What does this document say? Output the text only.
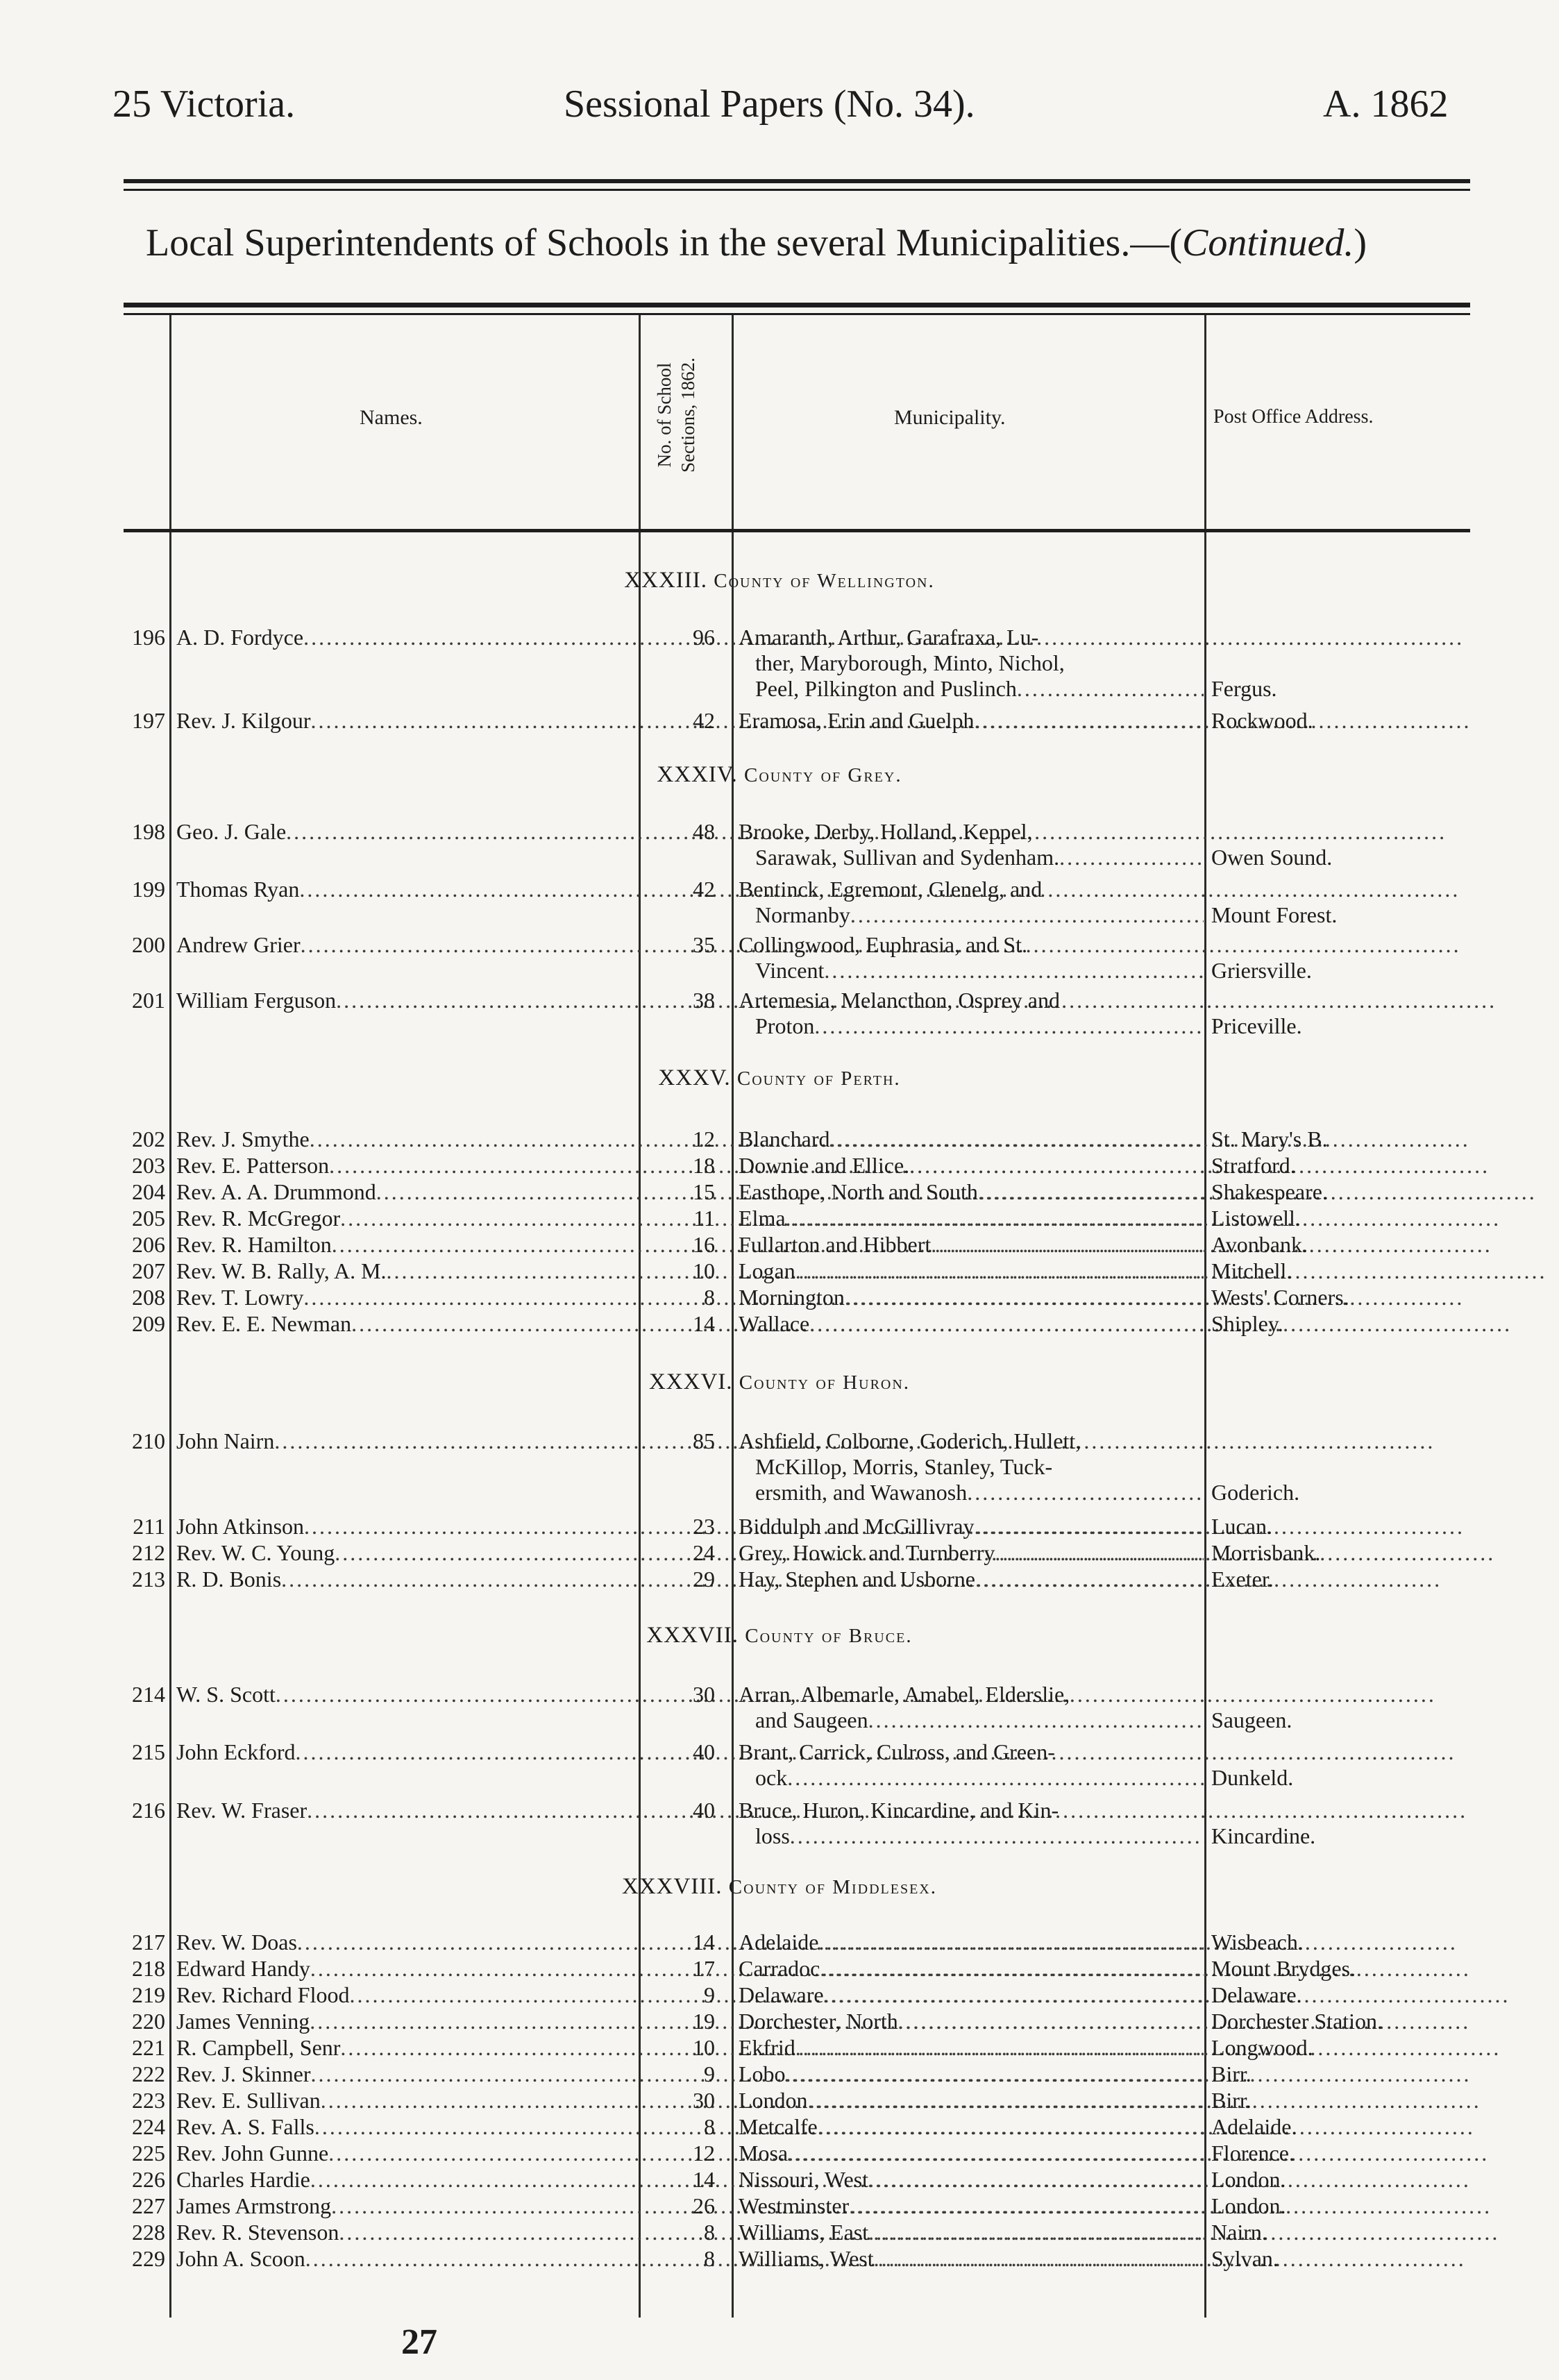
25 Victoria.	Sessional Papers (No. 34).	A. 1862
Local Superintendents of Schools in the several Municipalities.—(Continued.)
Names.	No. of School Sections, 1862.	Municipality.	Post Office Address.
XXXIII. County of Wellington.
196 A. D. Fordyce .....	96 Amaranth, Arthur, Garafraxa, Lu-
ther, Maryborough, Minto, Nichol,
Peel, Pilkington and Puslinch .....	Fergus.
197 Rev. J. Kilgour .....	42 Eramosa, Erin and Guelph .....	Rockwood.
XXXIV. County of Grey.
198 Geo. J. Gale .....	48 Brooke, Derby, Holland, Keppel,
Sarawak, Sullivan and Sydenham. .....	Owen Sound.
199 Thomas Ryan .....	42 Bentinck, Egremont, Glenelg, and
Normanby .....	Mount Forest.
200 Andrew Grier .....	35 Collingwood, Euphrasia, and St.
Vincent .....	Griersville.
201 William Ferguson .....	38 Artemesia, Melancthon, Osprey and
Proton .....	Priceville.
XXXV. County of Perth.
202 Rev. J. Smythe .....	12 Blanchard .....	St. Mary's B.
203 Rev. E. Patterson .....	18 Downie and Ellice. .....	Stratford.
204 Rev. A. A. Drummond .....	15 Easthope, North and South .....	Shakespeare.
205 Rev. R. McGregor .....	11 Elma .....	Listowell.
206 Rev. R. Hamilton .....	16 Fullarton and Hibbert .....	Avonbank.
207 Rev. W. B. Rally, A. M. .....	10 Logan .....	Mitchell.
208 Rev. T. Lowry .....	8 Mornington .....	Wests' Corners.
209 Rev. E. E. Newman .....	14 Wallace .....	Shipley.
XXXVI. County of Huron.
210 John Nairn .....	85 Ashfield, Colborne, Goderich, Hullett,
McKillop, Morris, Stanley, Tuck-
ersmith, and Wawanosh .....	Goderich.
211 John Atkinson .....	23 Biddulph and McGillivray .....	Lucan.
212 Rev. W. C. Young .....	24 Grey, Howick and Turnberry .....	Morrisbank.
213 R. D. Bonis .....	29 Hay, Stephen and Usborne .....	Exeter.
XXXVII. County of Bruce.
214 W. S. Scott .....	30 Arran, Albemarle, Amabel, Elderslie,
and Saugeen .....	Saugeen.
215 John Eckford .....	40 Brant, Carrick, Culross, and Green-
ock .....	Dunkeld.
216 Rev. W. Fraser .....	40 Bruce, Huron, Kincardine, and Kin-
loss .....	Kincardine.
XXXVIII. County of Middlesex.
217 Rev. W. Doas .....	14 Adelaide .....	Wisbeach.
218 Edward Handy .....	17 Carradoc .....	Mount Brydges.
219 Rev. Richard Flood .....	9 Delaware .....	Delaware.
220 James Venning .....	19 Dorchester, North .....	Dorchester Station.
221 R. Campbell, Senr .....	10 Ekfrid .....	Longwood.
222 Rev. J. Skinner .....	9 Lobo .....	Birr.
223 Rev. E. Sullivan .....	30 London .....	Birr.
224 Rev. A. S. Falls .....	8 Metcalfe .....	Adelaide.
225 Rev. John Gunne .....	12 Mosa .....	Florence.
226 Charles Hardie .....	14 Nissouri, West .....	London.
227 James Armstrong .....	26 Westminster .....	London.
228 Rev. R. Stevenson .....	8 Williams, East .....	Nairn.
229 John A. Scoon .....	8 Williams, West .....	Sylvan.
27
